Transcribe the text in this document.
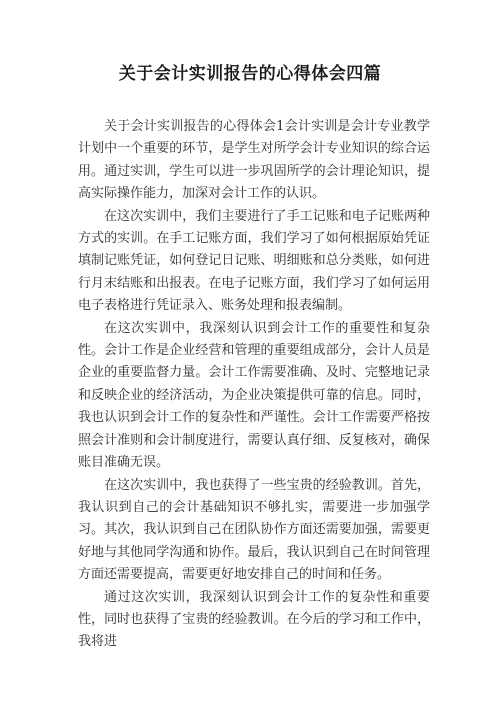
关于会计实训报告的心得体会四篇

关于会计实训报告的心得体会1会计实训是会计专业教学计划中一个重要的环节，是学生对所学会计专业知识的综合运用。通过实训，学生可以进一步巩固所学的会计理论知识，提高实际操作能力，加深对会计工作的认识。

在这次实训中，我们主要进行了手工记账和电子记账两种方式的实训。在手工记账方面，我们学习了如何根据原始凭证填制记账凭证，如何登记日记账、明细账和总分类账，如何进行月末结账和出报表。在电子记账方面，我们学习了如何运用电子表格进行凭证录入、账务处理和报表编制。

在这次实训中，我深刻认识到会计工作的重要性和复杂性。会计工作是企业经营和管理的重要组成部分，会计人员是企业的重要监督力量。会计工作需要准确、及时、完整地记录和反映企业的经济活动，为企业决策提供可靠的信息。同时，我也认识到会计工作的复杂性和严谨性。会计工作需要严格按照会计准则和会计制度进行，需要认真仔细、反复核对，确保账目准确无误。

在这次实训中，我也获得了一些宝贵的经验教训。首先，我认识到自己的会计基础知识不够扎实，需要进一步加强学习。其次，我认识到自己在团队协作方面还需要加强，需要更好地与其他同学沟通和协作。最后，我认识到自己在时间管理方面还需要提高，需要更好地安排自己的时间和任务。

通过这次实训，我深刻认识到会计工作的复杂性和重要性，同时也获得了宝贵的经验教训。在今后的学习和工作中，我将进
